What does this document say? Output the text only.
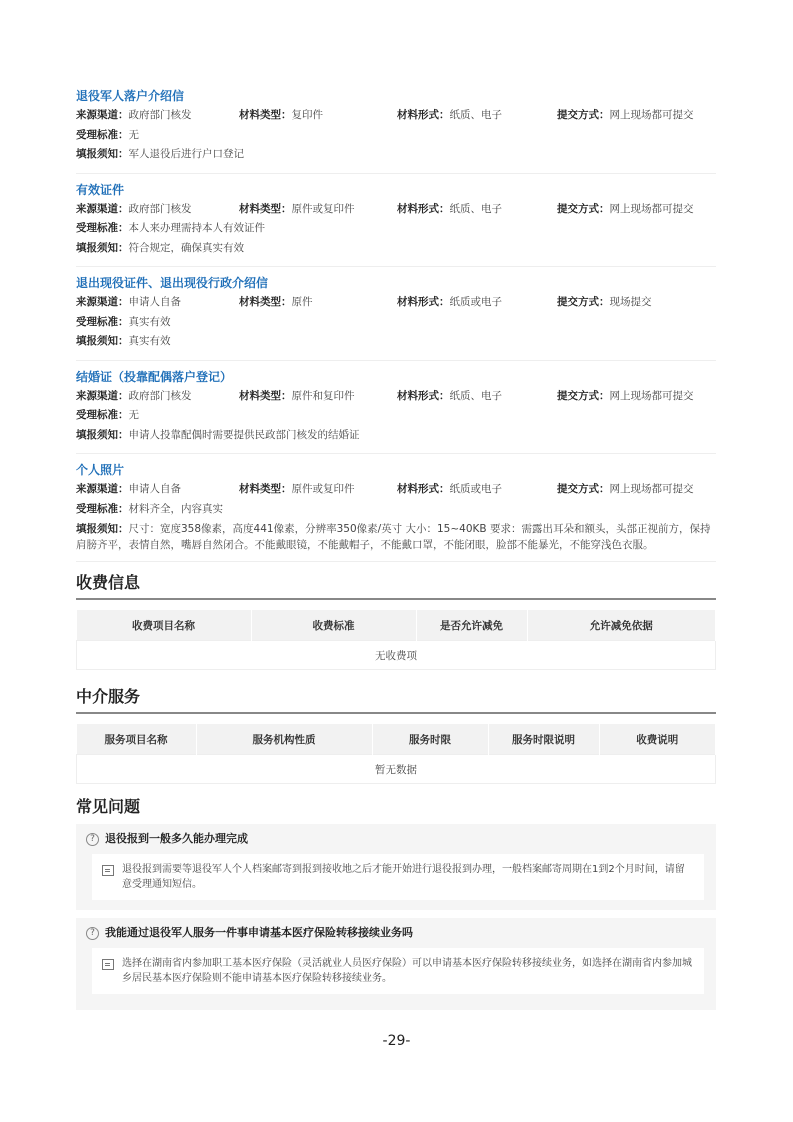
退役军人落户介绍信
来源渠道：政府部门核发	材料类型：复印件	材料形式：纸质、电子	提交方式：网上现场都可提交
受理标准： 无
填报须知： 军人退役后进行户口登记
有效证件
来源渠道：政府部门核发	材料类型：原件或复印件	材料形式：纸质、电子	提交方式：网上现场都可提交
受理标准： 本人来办理需持本人有效证件
填报须知： 符合规定，确保真实有效
退出现役证件、退出现役行政介绍信
来源渠道：申请人自备	材料类型：原件	材料形式：纸质或电子	提交方式：现场提交
受理标准： 真实有效
填报须知： 真实有效
结婚证（投靠配偶落户登记）
来源渠道：政府部门核发	材料类型：原件和复印件	材料形式：纸质、电子	提交方式：网上现场都可提交
受理标准： 无
填报须知： 申请人投靠配偶时需要提供民政部门核发的结婚证
个人照片
来源渠道：申请人自备	材料类型：原件或复印件	材料形式：纸质或电子	提交方式：网上现场都可提交
受理标准： 材料齐全，内容真实
填报须知：尺寸：宽度358像素，高度441像素，分辨率350像素/英寸 大小：15~40KB 要求：需露出耳朵和额头，头部正视前方，保持肩膀齐平，表情自然，嘴唇自然闭合。不能戴眼镜，不能戴帽子，不能戴口罩，不能闭眼，脸部不能暴光，不能穿浅色衣服。
收费信息
收费项目名称	收费标准	是否允许减免	允许减免依据
无收费项
中介服务
服务项目名称	服务机构性质	服务时限	服务时限说明	收费说明
暂无数据
常见问题
? 退役报到一般多久能办理完成
退役报到需要等退役军人个人档案邮寄到报到接收地之后才能开始进行退役报到办理，一般档案邮寄周期在1到2个月时间，请留意受理通知短信。
? 我能通过退役军人服务一件事申请基本医疗保险转移接续业务吗
选择在湖南省内参加职工基本医疗保险（灵活就业人员医疗保险）可以申请基本医疗保险转移接续业务，如选择在湖南省内参加城乡居民基本医疗保险则不能申请基本医疗保险转移接续业务。
-29-
